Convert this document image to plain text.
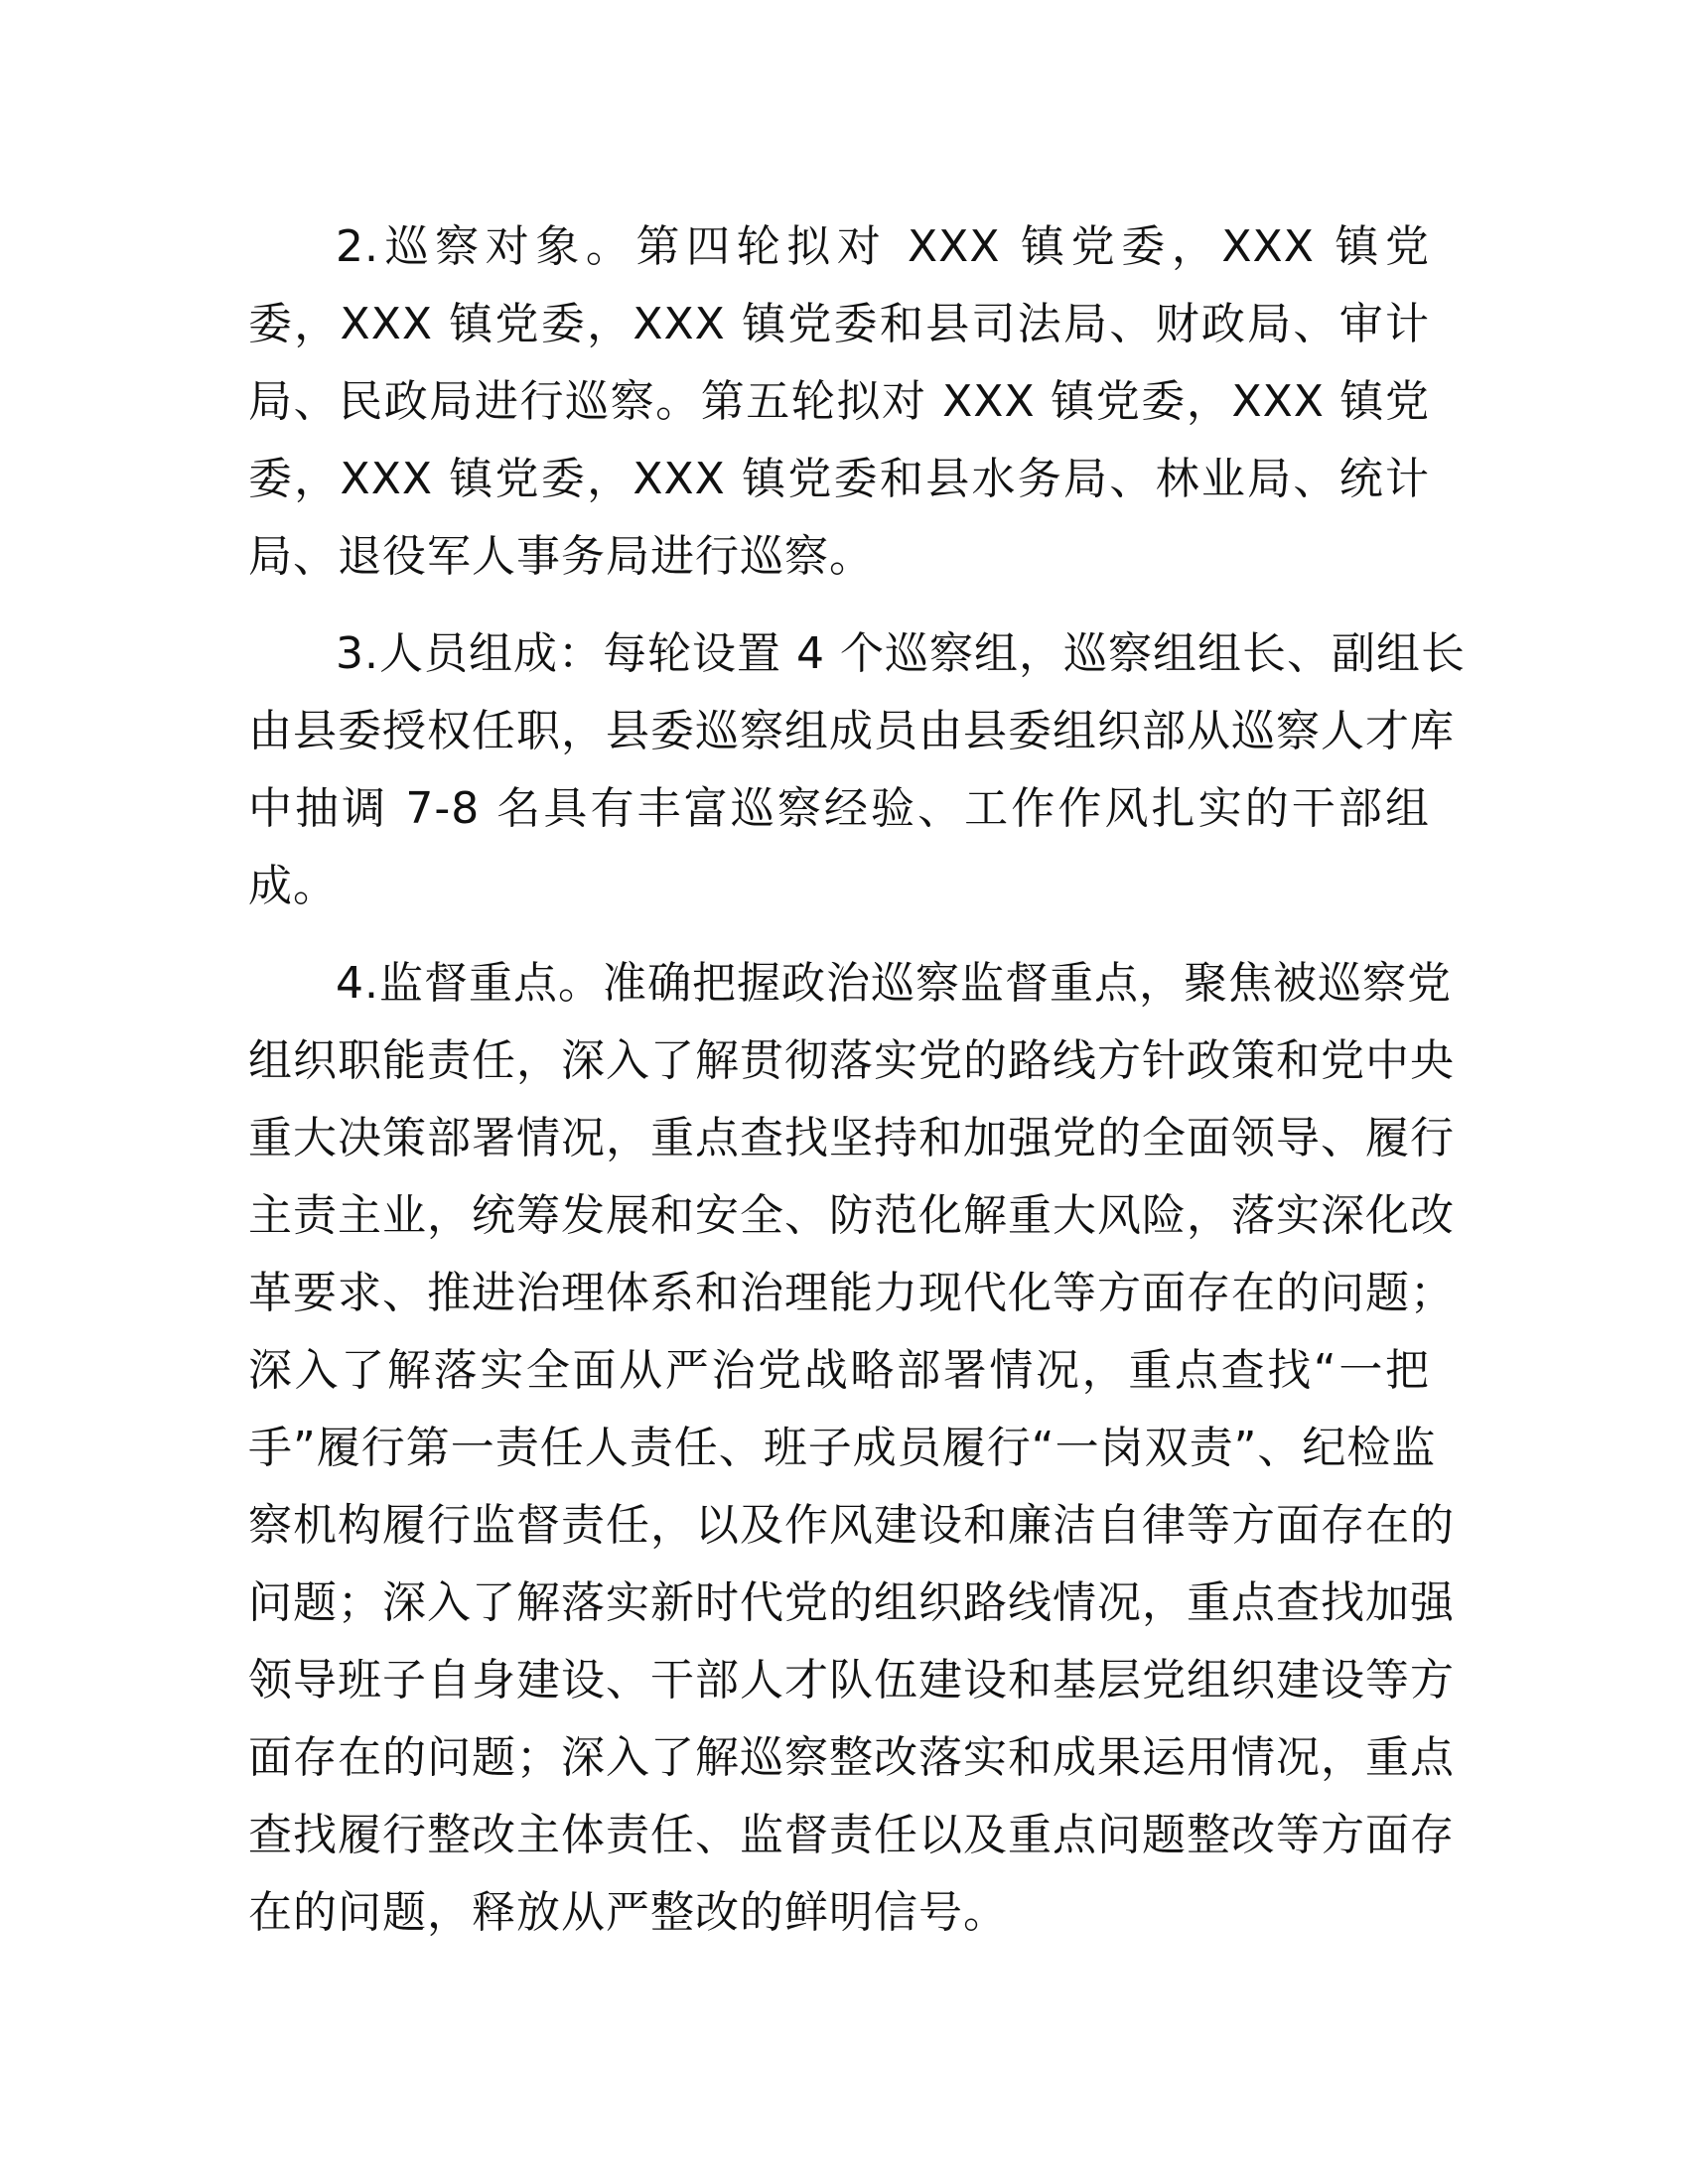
2.巡察对象。第四轮拟对 XXX 镇党委，XXX 镇党
委，XXX 镇党委，XXX 镇党委和县司法局、财政局、审计
局、民政局进行巡察。第五轮拟对 XXX 镇党委，XXX 镇党
委，XXX 镇党委，XXX 镇党委和县水务局、林业局、统计
局、退役军人事务局进行巡察。

3.人员组成：每轮设置 4 个巡察组，巡察组组长、副组长
由县委授权任职，县委巡察组成员由县委组织部从巡察人才库
中抽调 7-8 名具有丰富巡察经验、工作作风扎实的干部组
成。

4.监督重点。准确把握政治巡察监督重点，聚焦被巡察党
组织职能责任，深入了解贯彻落实党的路线方针政策和党中央
重大决策部署情况，重点查找坚持和加强党的全面领导、履行
主责主业，统筹发展和安全、防范化解重大风险，落实深化改
革要求、推进治理体系和治理能力现代化等方面存在的问题；
深入了解落实全面从严治党战略部署情况，重点查找“一把
手”履行第一责任人责任、班子成员履行“一岗双责”、纪检监
察机构履行监督责任，以及作风建设和廉洁自律等方面存在的
问题；深入了解落实新时代党的组织路线情况，重点查找加强
领导班子自身建设、干部人才队伍建设和基层党组织建设等方
面存在的问题；深入了解巡察整改落实和成果运用情况，重点
查找履行整改主体责任、监督责任以及重点问题整改等方面存
在的问题，释放从严整改的鲜明信号。
